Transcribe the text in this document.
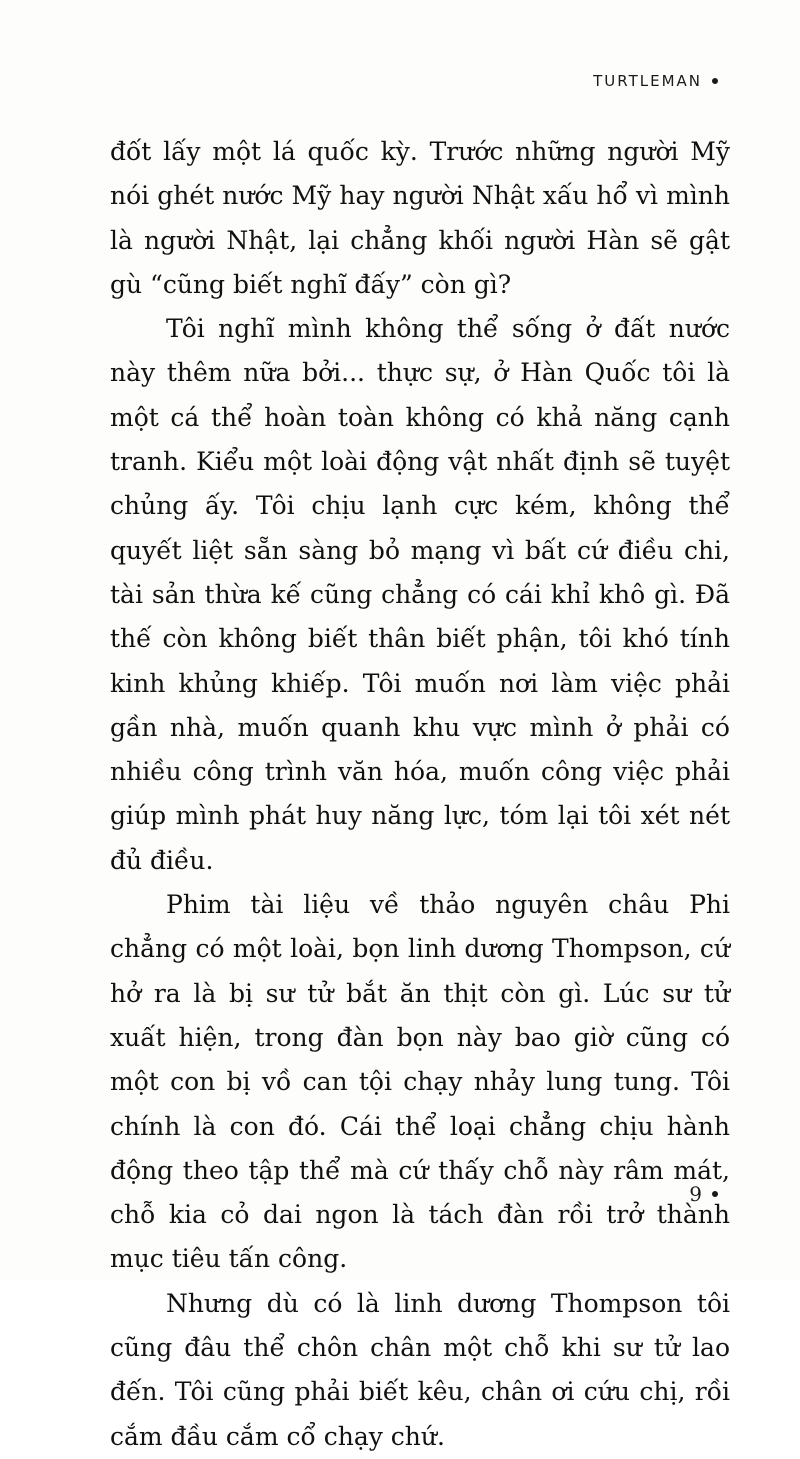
TURTLEMAN

đốt lấy một lá quốc kỳ. Trước những người Mỹ nói ghét nước Mỹ hay người Nhật xấu hổ vì mình là người Nhật, lại chẳng khối người Hàn sẽ gật gù “cũng biết nghĩ đấy” còn gì?

Tôi nghĩ mình không thể sống ở đất nước này thêm nữa bởi... thực sự, ở Hàn Quốc tôi là một cá thể hoàn toàn không có khả năng cạnh tranh. Kiểu một loài động vật nhất định sẽ tuyệt chủng ấy. Tôi chịu lạnh cực kém, không thể quyết liệt sẵn sàng bỏ mạng vì bất cứ điều chi, tài sản thừa kế cũng chẳng có cái khỉ khô gì. Đã thế còn không biết thân biết phận, tôi khó tính kinh khủng khiếp. Tôi muốn nơi làm việc phải gần nhà, muốn quanh khu vực mình ở phải có nhiều công trình văn hóa, muốn công việc phải giúp mình phát huy năng lực, tóm lại tôi xét nét đủ điều.

Phim tài liệu về thảo nguyên châu Phi chẳng có một loài, bọn linh dương Thompson, cứ hở ra là bị sư tử bắt ăn thịt còn gì. Lúc sư tử xuất hiện, trong đàn bọn này bao giờ cũng có một con bị vồ can tội chạy nhảy lung tung. Tôi chính là con đó. Cái thể loại chẳng chịu hành động theo tập thể mà cứ thấy chỗ này râm mát, chỗ kia cỏ dai ngon là tách đàn rồi trở thành mục tiêu tấn công.

Nhưng dù có là linh dương Thompson tôi cũng đâu thể chôn chân một chỗ khi sư tử lao đến. Tôi cũng phải biết kêu, chân ơi cứu chị, rồi cắm đầu cắm cổ chạy chứ.

9
